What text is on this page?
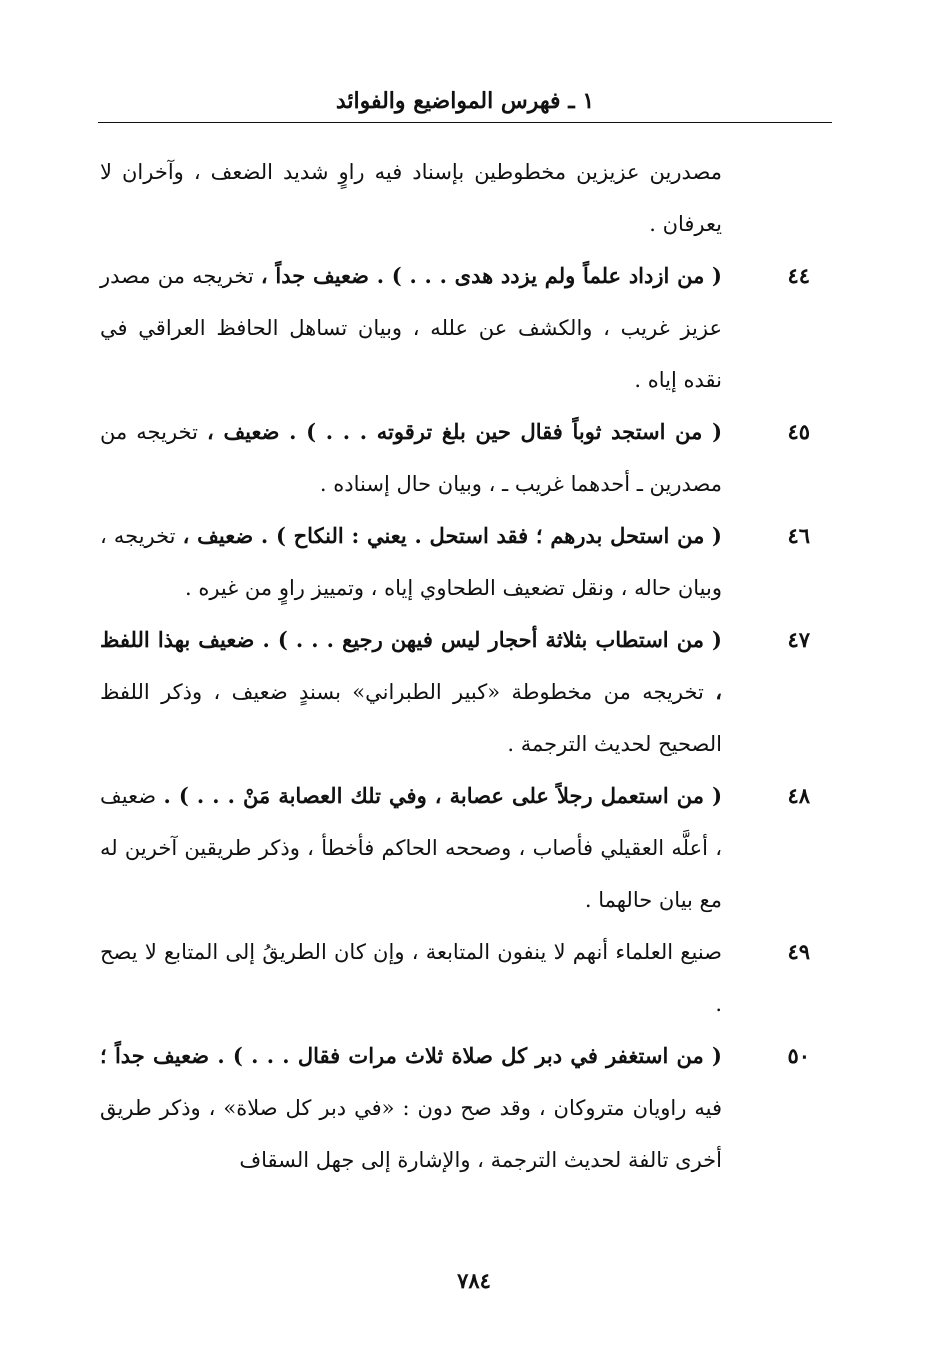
١ ـ فهرس المواضيع والفوائد
مصدرين عزيزين مخطوطين بإسناد فيه راوٍ شديد الضعف ، وآخران لا يعرفان .
٤٤
( من ازداد علماً ولم يزدد هدى . . . ) . ضعيف جداً ، تخريجه من مصدر عزيز غريب ، والكشف عن علله ، وبيان تساهل الحافظ العراقي في نقده إياه .
٤٥
( من استجد ثوباً فقال حين بلغ ترقوته . . . ) . ضعيف ، تخريجه من مصدرين ـ أحدهما غريب ـ ، وبيان حال إسناده .
٤٦
( من استحل بدرهم ؛ فقد استحل . يعني : النكاح ) . ضعيف ، تخريجه ، وبيان حاله ، ونقل تضعيف الطحاوي إياه ، وتمييز راوٍ من غيره .
٤٧
( من استطاب بثلاثة أحجار ليس فيهن رجيع . . . ) . ضعيف بهذا اللفظ ، تخريجه من مخطوطة «كبير الطبراني» بسندٍ ضعيف ، وذكر اللفظ الصحيح لحديث الترجمة .
٤٨
( من استعمل رجلاً على عصابة ، وفي تلك العصابة مَنْ . . . ) . ضعيف ، أعلَّه العقيلي فأصاب ، وصححه الحاكم فأخطأ ، وذكر طريقين آخرين له مع بيان حالهما .
٤٩
صنيع العلماء أنهم لا ينفون المتابعة ، وإن كان الطريقُ إلى المتابع لا يصح .
٥٠
( من استغفر في دبر كل صلاة ثلاث مرات فقال . . . ) . ضعيف جداً ؛ فيه راويان متروكان ، وقد صح دون : «في دبر كل صلاة» ، وذكر طريق أخرى تالفة لحديث الترجمة ، والإشارة إلى جهل السقاف
٧٨٤
